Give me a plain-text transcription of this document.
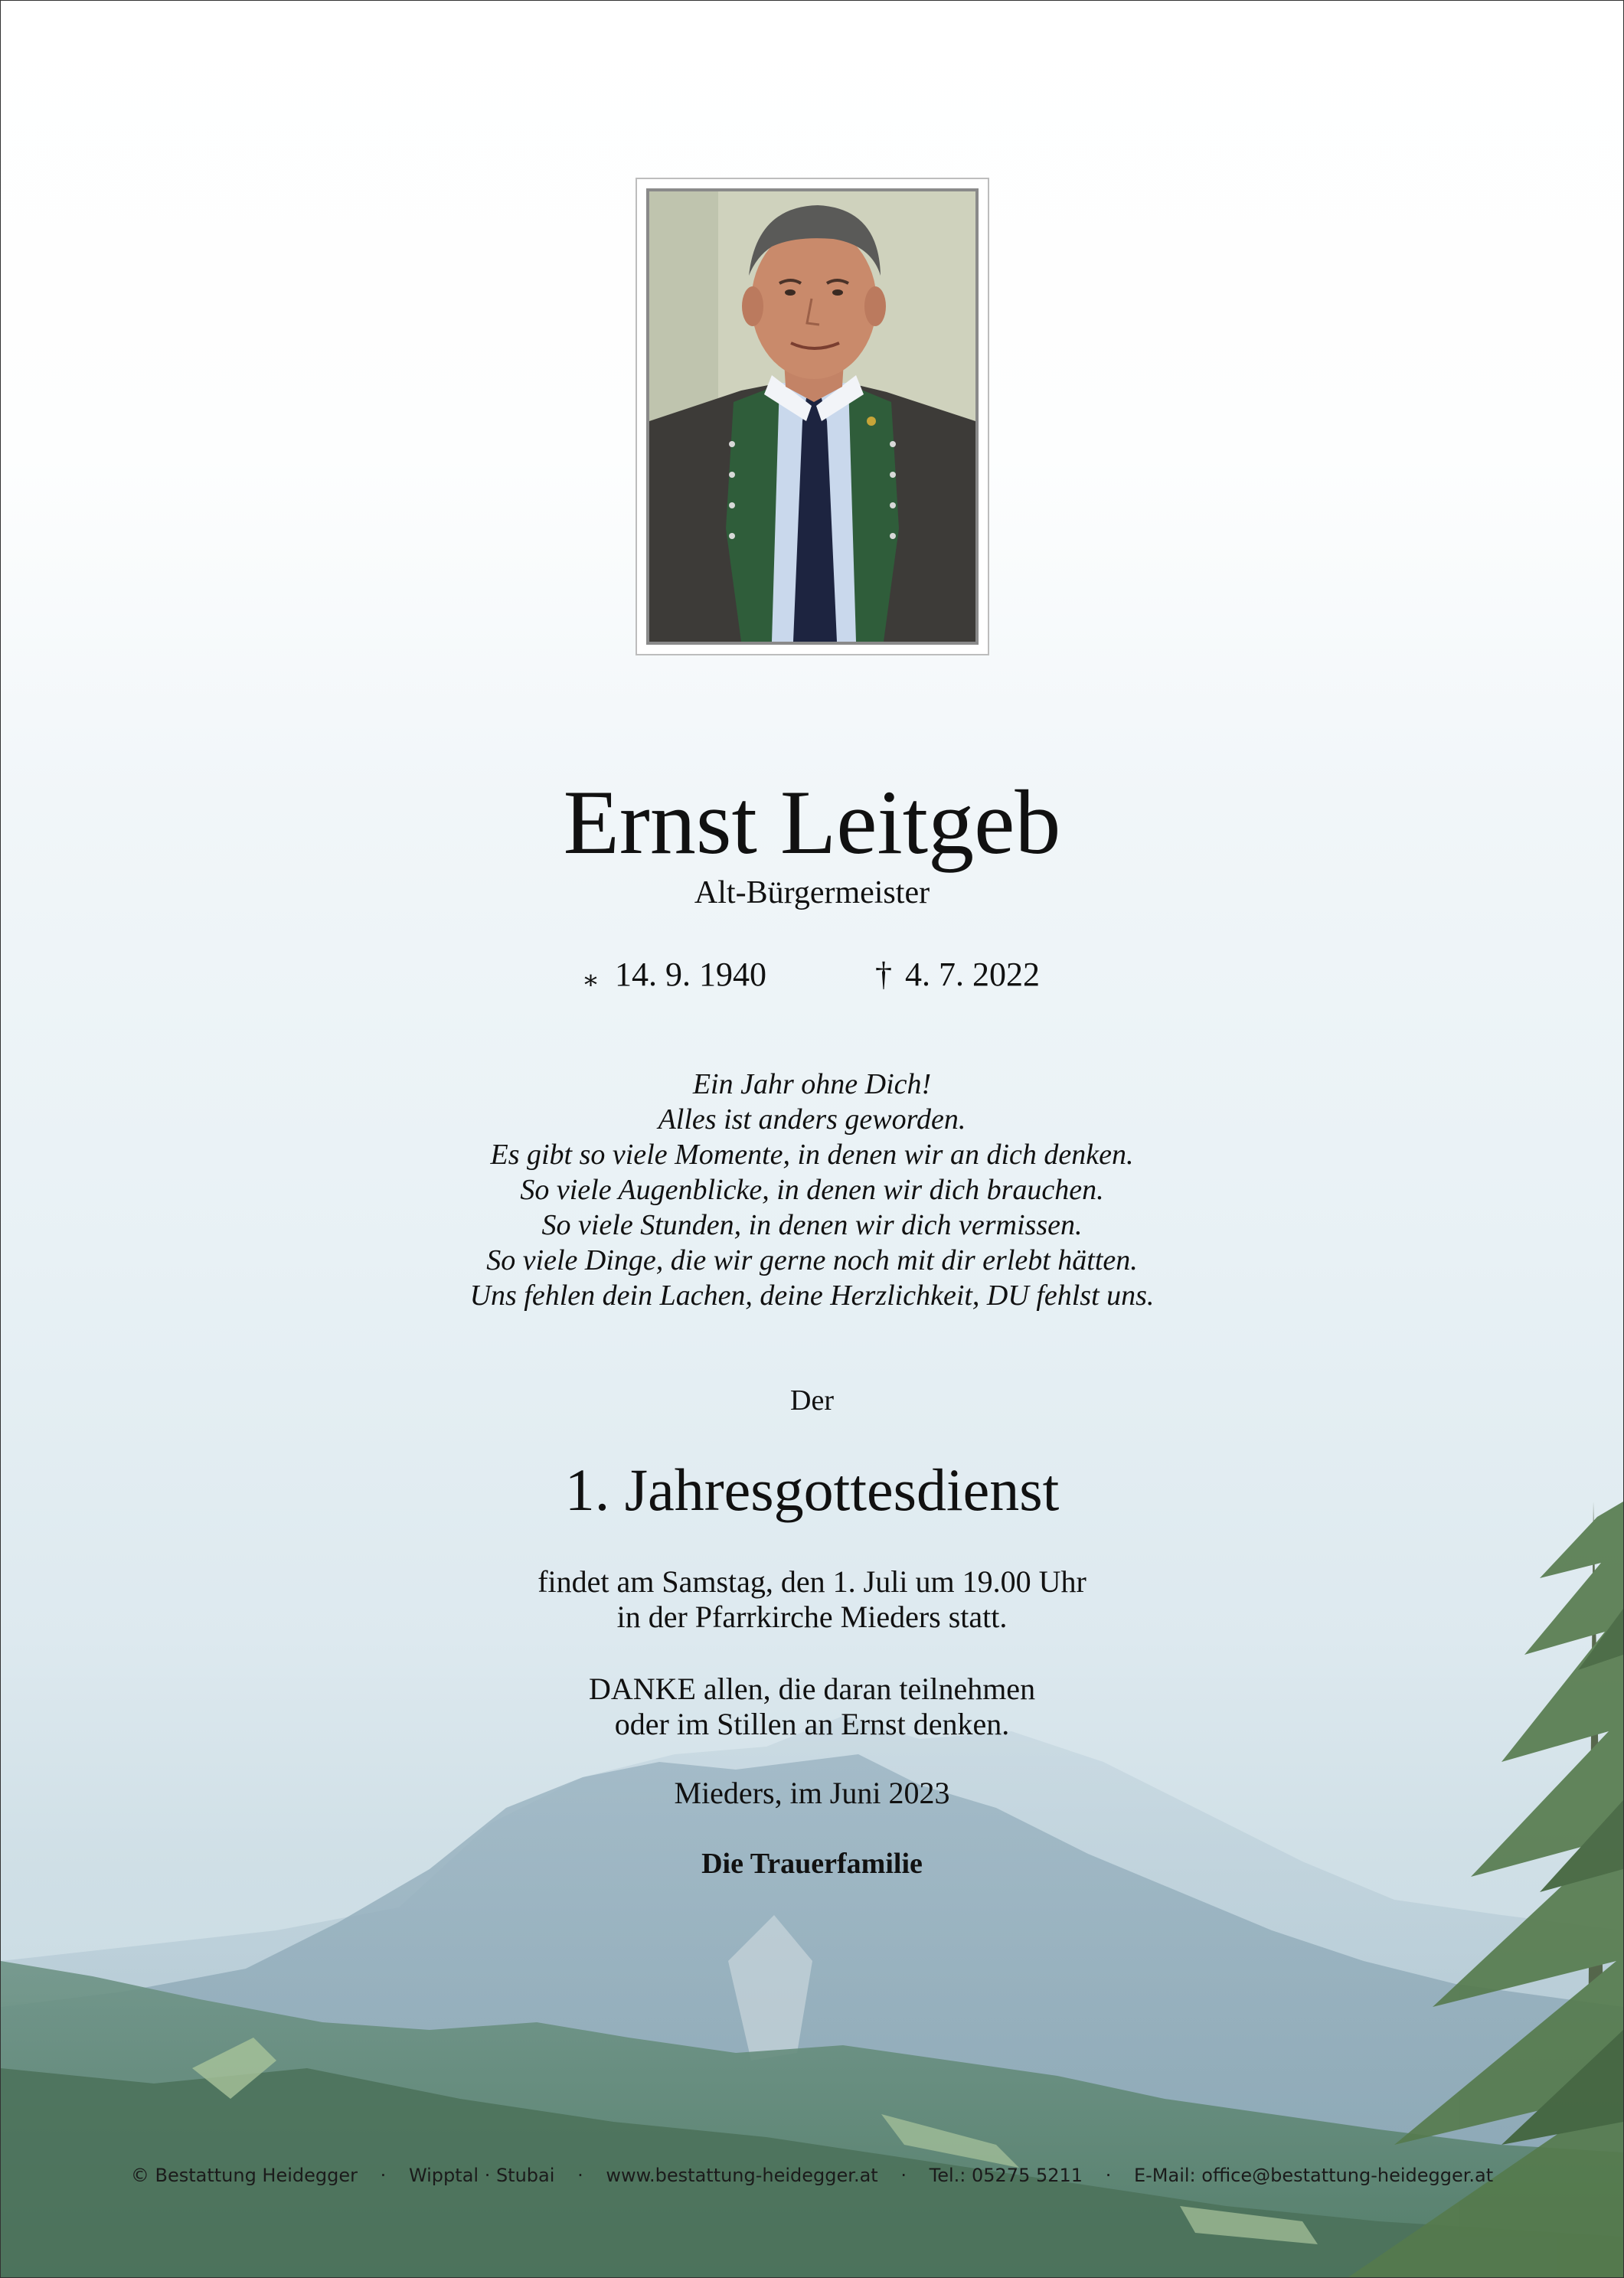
Ernst Leitgeb
Alt-Bürgermeister
⁎ 14. 9. 1940	† 4. 7. 2022
Ein Jahr ohne Dich!
Alles ist anders geworden.
Es gibt so viele Momente, in denen wir an dich denken.
So viele Augenblicke, in denen wir dich brauchen.
So viele Stunden, in denen wir dich vermissen.
So viele Dinge, die wir gerne noch mit dir erlebt hätten.
Uns fehlen dein Lachen, deine Herzlichkeit, DU fehlst uns.
Der
1. Jahresgottesdienst
findet am Samstag, den 1. Juli um 19.00 Uhr
in der Pfarrkirche Mieders statt.
DANKE allen, die daran teilnehmen
oder im Stillen an Ernst denken.
Mieders, im Juni 2023
Die Trauerfamilie
© Bestattung Heidegger · Wipptal · Stubai · www.bestattung-heidegger.at · Tel.: 05275 5211 · E-Mail: office@bestattung-heidegger.at
